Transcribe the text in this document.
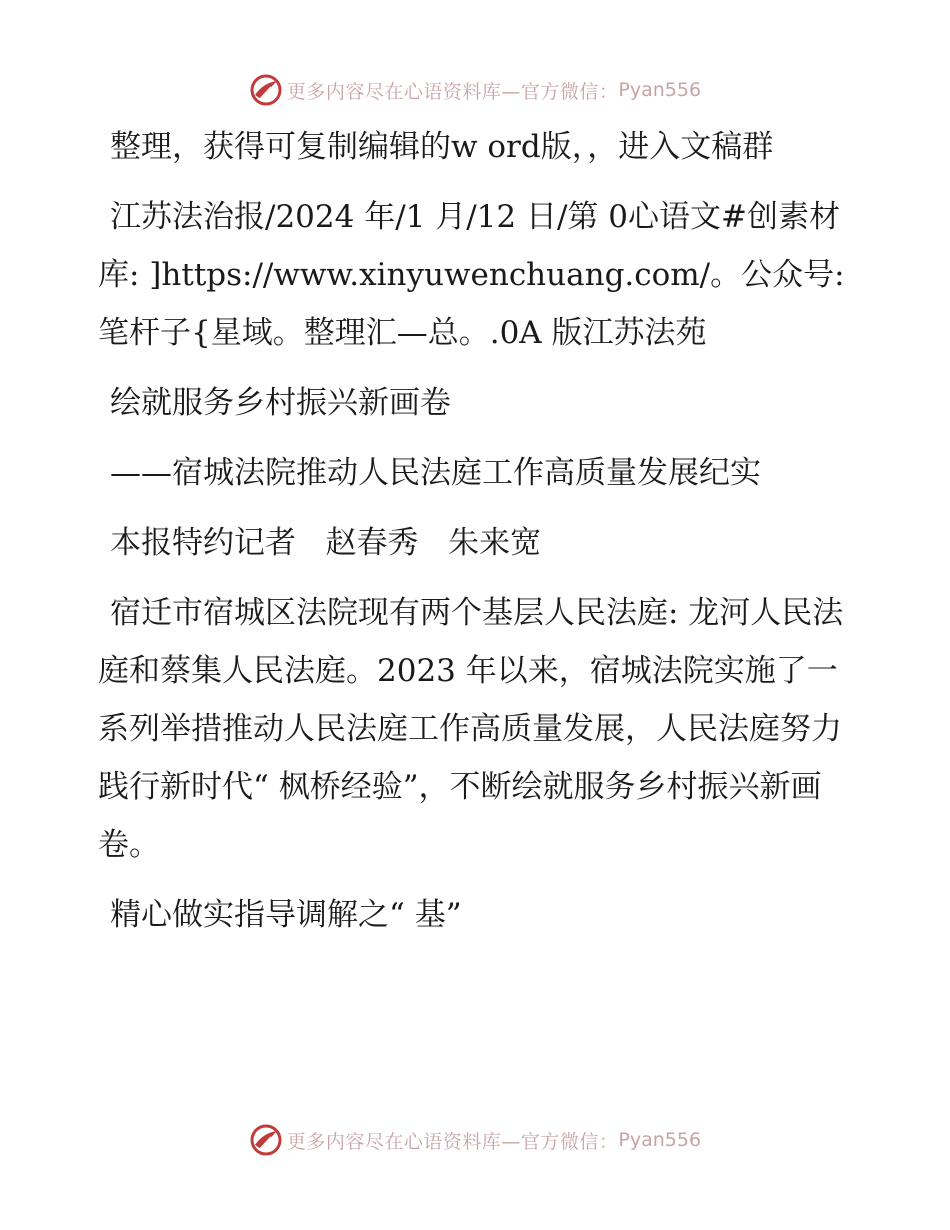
更多内容尽在心语资料库—官方微信： Pyan556

整理，获得可复制编辑的w ord版，，进入文稿群

江苏法治报/2024 年/1 月/12 日/第 0心语文#创素材库: ]https://www.xinyuwenchuang.com/。公众号: 笔杆子{星域。整理汇—总。.0A 版江苏法苑

绘就服务乡村振兴新画卷

——宿城法院推动人民法庭工作高质量发展纪实

本报特约记者   赵春秀   朱来宽

宿迁市宿城区法院现有两个基层人民法庭: 龙河人民法庭和蔡集人民法庭。2023 年以来，宿城法院实施了一系列举措推动人民法庭工作高质量发展，人民法庭努力践行新时代“ 枫桥经验”，不断绘就服务乡村振兴新画卷。

精心做实指导调解之“ 基”

更多内容尽在心语资料库—官方微信： Pyan556
